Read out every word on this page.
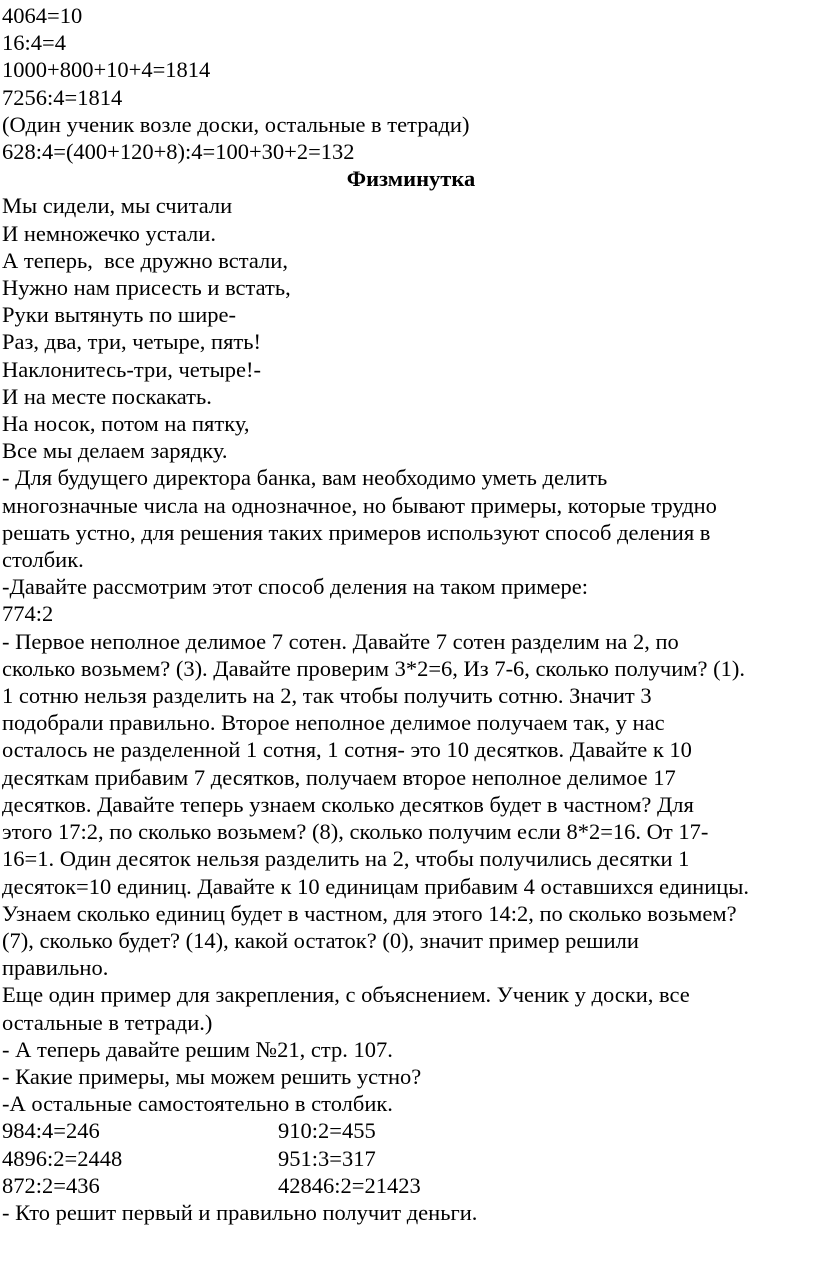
4064=10
16:4=4
1000+800+10+4=1814
7256:4=1814
(Один ученик возле доски, остальные в тетради)
628:4=(400+120+8):4=100+30+2=132
Физминутка
Мы сидели, мы считали
И немножечко устали.
А теперь,  все дружно встали,
Нужно нам присесть и встать,
Руки вытянуть по шире-
Раз, два, три, четыре, пять!
Наклонитесь-три, четыре!-
И на месте поскакать.
На носок, потом на пятку,
Все мы делаем зарядку.
- Для будущего директора банка, вам необходимо уметь делить
многозначные числа на однозначное, но бывают примеры, которые трудно
решать устно, для решения таких примеров используют способ деления в
столбик.
-Давайте рассмотрим этот способ деления на таком примере:
774:2
- Первое неполное делимое 7 сотен. Давайте 7 сотен разделим на 2, по
сколько возьмем? (3). Давайте проверим 3*2=6, Из 7-6, сколько получим? (1).
1 сотню нельзя разделить на 2, так чтобы получить сотню. Значит 3
подобрали правильно. Второе неполное делимое получаем так, у нас
осталось не разделенной 1 сотня, 1 сотня- это 10 десятков. Давайте к 10
десяткам прибавим 7 десятков, получаем второе неполное делимое 17
десятков. Давайте теперь узнаем сколько десятков будет в частном? Для
этого 17:2, по сколько возьмем? (8), сколько получим если 8*2=16. От 17-
16=1. Один десяток нельзя разделить на 2, чтобы получились десятки 1
десяток=10 единиц. Давайте к 10 единицам прибавим 4 оставшихся единицы.
Узнаем сколько единиц будет в частном, для этого 14:2, по сколько возьмем?
(7), сколько будет? (14), какой остаток? (0), значит пример решили
правильно.
Еще один пример для закрепления, с объяснением. Ученик у доски, все
остальные в тетради.)
- А теперь давайте решим №21, стр. 107.
- Какие примеры, мы можем решить устно?
-А остальные самостоятельно в столбик.
984:4=246	910:2=455
4896:2=2448	951:3=317
872:2=436	42846:2=21423
- Кто решит первый и правильно получит деньги.
